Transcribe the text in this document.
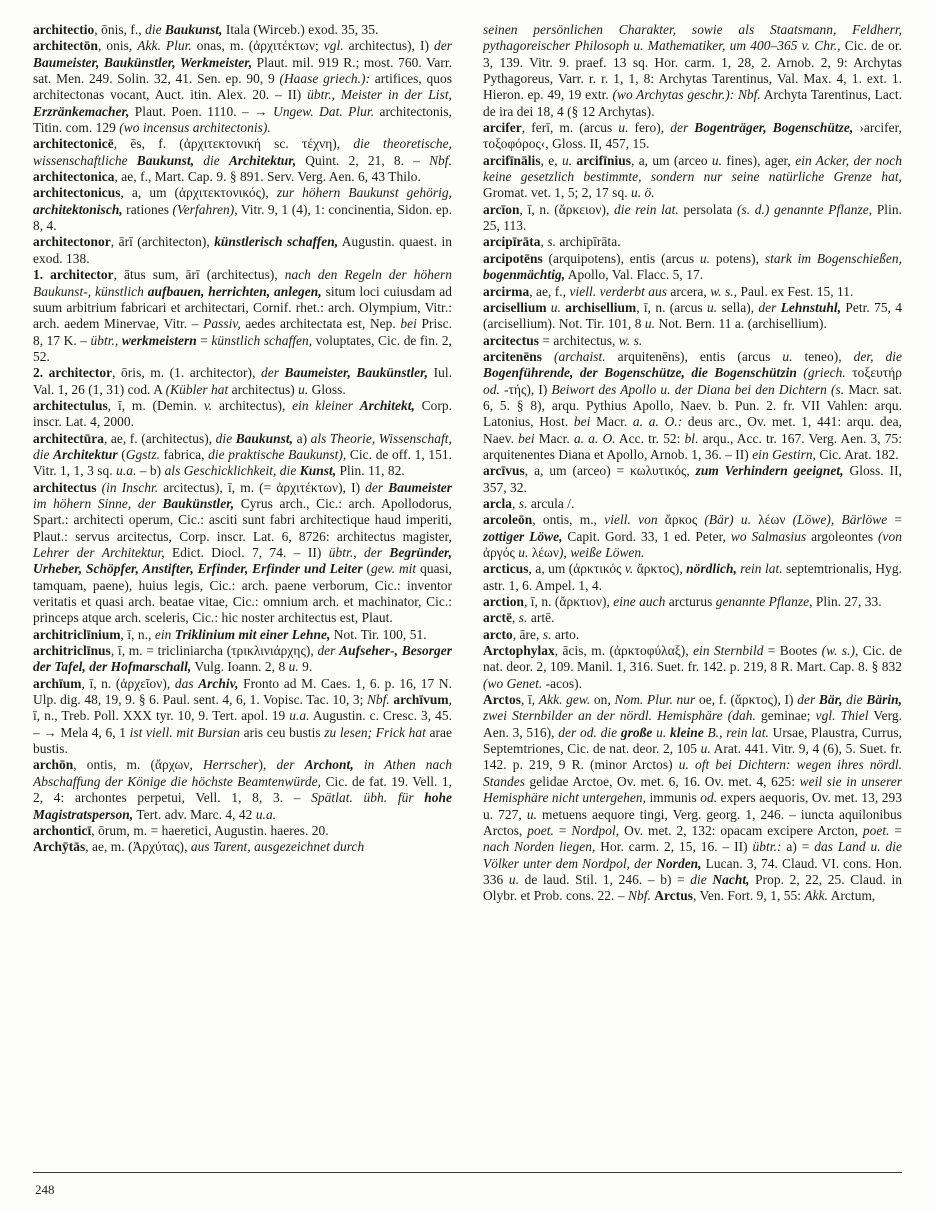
architectio, ōnis, f., die Baukunst, Itala (Wirceb.) exod. 35, 35.

architectōn, onis, Akk. Plur. onas, m. (ἀρχιτέκτων; vgl. architectus), I) der Baumeister, Baukünstler, Werkmeister, Plaut. mil. 919 R.; most. 760. Varr. sat. Men. 249. Solin. 32, 41. Sen. ep. 90, 9 (Haase griech.): artifices, quos architectonas vocant, Auct. itin. Alex. 20. – II) übtr., Meister in der List, Erzränkemacher, Plaut. Poen. 1110. – → Ungew. Dat. Plur. architectonis, Titin. com. 129 (wo incensus architectonis).

architectonicē, ēs, f. (ἀρχιτεκτονική sc. τέχνη), die theoretische, wissenschaftliche Baukunst, die Architektur, Quint. 2, 21, 8. – Nbf. architectonica, ae, f., Mart. Cap. 9. § 891. Serv. Verg. Aen. 6, 43 Thilo.

architectonicus, a, um (ἀρχιτεκτονικός), zur höhern Baukunst gehörig, architektonisch, rationes (Verfahren), Vitr. 9, 1 (4), 1: concinentia, Sidon. ep. 8, 4.

architectonor, ārī (architecton), künstlerisch schaffen, Augustin. quaest. in exod. 138.

1. architector, ātus sum, ārī (architectus), nach den Regeln der höhern Baukunst-, künstlich aufbauen, herrichten, anlegen, situm loci cuiusdam ad suum arbitrium fabricari et architectari, Cornif. rhet.: arch. Olympium, Vitr.: arch. aedem Minervae, Vitr. – Passiv, aedes architectata est, Nep. bei Prisc. 8, 17 K. – übtr., werkmeistern = künstlich schaffen, voluptates, Cic. de fin. 2, 52.

2. architector, ōris, m. (1. architector), der Baumeister, Baukünstler, Iul. Val. 1, 26 (1, 31) cod. A (Kübler hat architectus) u. Gloss.

architectulus, ī, m. (Demin. v. architectus), ein kleiner Architekt, Corp. inscr. Lat. 4, 2000.

architectūra, ae, f. (architectus), die Baukunst, a) als Theorie, Wissenschaft, die Architektur (Ggstz. fabrica, die praktische Baukunst), Cic. de off. 1, 151. Vitr. 1, 1, 3 sq. u.a. – b) als Geschicklichkeit, die Kunst, Plin. 11, 82.

architectus (in Inschr. arcitectus), ī, m. (= ἀρχιτέκτων), I) der Baumeister im höhern Sinne, der Baukünstler, Cyrus arch., Cic.: arch. Apollodorus, Spart.: architecti operum, Cic.: asciti sunt fabri architectique haud imperiti, Plaut.: servus arcitectus, Corp. inscr. Lat. 6, 8726: architectus magister, Lehrer der Architektur, Edict. Diocl. 7, 74. – II) übtr., der Begründer, Urheber, Schöpfer, Anstifter, Erfinder, Erfinder und Leiter (gew. mit quasi, tamquam, paene), huius legis, Cic.: arch. paene verborum, Cic.: inventor veritatis et quasi arch. beatae vitae, Cic.: omnium arch. et machinator, Cic.: princeps atque arch. sceleris, Cic.: hic noster architectus est, Plaut.

architriclīnium, ī, n., ein Triklinium mit einer Lehne, Not. Tir. 100, 51.

architriclīnus, ī, m. = tricliniarcha (τρικλινιάρχης), der Aufseher-, Besorger der Tafel, der Hofmarschall, Vulg. Ioann. 2, 8 u. 9.

archīum, ī, n. (ἀρχεῖον), das Archiv, Fronto ad M. Caes. 1, 6. p. 16, 17 N. Ulp. dig. 48, 19, 9. § 6. Paul. sent. 4, 6, 1. Vopisc. Tac. 10, 3; Nbf. archīvum, ī, n., Treb. Poll. XXX tyr. 10, 9. Tert. apol. 19 u.a. Augustin. c. Cresc. 3, 45. – → Mela 4, 6, 1 ist viell. mit Bursian aris ceu bustis zu lesen; Frick hat arae bustis.

archōn, ontis, m. (ἄρχων, Herrscher), der Archont, in Athen nach Abschaffung der Könige die höchste Beamtenwürde, Cic. de fat. 19. Vell. 1, 2, 4: archontes perpetui, Vell. 1, 8, 3. – Spätlat. übh. für hohe Magistratsperson, Tert. adv. Marc. 4, 42 u.a.

archonticī, ōrum, m. = haeretici, Augustin. haeres. 20.

Archȳtās, ae, m. (Ἀρχύτας), aus Tarent, ausgezeichnet durch

seinen persönlichen Charakter, sowie als Staatsmann, Feldherr, pythagoreischer Philosoph u. Mathematiker, um 400–365 v. Chr., Cic. de or. 3, 139. Vitr. 9. praef. 13 sq. Hor. carm. 1, 28, 2. Arnob. 2, 9: Archytas Pythagoreus, Varr. r. r. 1, 1, 8: Archytas Tarentinus, Val. Max. 4, 1. ext. 1. Hieron. ep. 49, 19 extr. (wo Archytas geschr.): Nbf. Archyta Tarentinus, Lact. de ira dei 18, 4 (§ 12 Archytas).

arcifer, ferī, m. (arcus u. fero), der Bogenträger, Bogenschütze, ›arcifer, τοξοφόρος‹, Gloss. II, 457, 15.

arcifīnālis, e, u. arcifīnius, a, um (arceo u. fines), ager, ein Acker, der noch keine gesetzlich bestimmte, sondern nur seine natürliche Grenze hat, Gromat. vet. 1, 5; 2, 17 sq. u. ö.

arcīon, ī, n. (ἄρκειον), die rein lat. persolata (s. d.) genannte Pflanze, Plin. 25, 113.

arcipīrāta, s. archipīrāta.

arcipotēns (arquipotens), entis (arcus u. potens), stark im Bogenschießen, bogenmächtig, Apollo, Val. Flacc. 5, 17.

arcirma, ae, f., viell. verderbt aus arcera, w. s., Paul. ex Fest. 15, 11.

arcisellium u. archisellium, ī, n. (arcus u. sella), der Lehnstuhl, Petr. 75, 4 (arcisellium). Not. Tir. 101, 8 u. Not. Bern. 11 a. (archisellium).

arcitectus = architectus, w. s.

arcitenēns (archaist. arquitenēns), entis (arcus u. teneo), der, die Bogenführende, der Bogenschütze, die Bogenschützin (griech. τοξευτήρ od. -τής), I) Beiwort des Apollo u. der Diana bei den Dichtern (s. Macr. sat. 6, 5. § 8), arqu. Pythius Apollo, Naev. b. Pun. 2. fr. VII Vahlen: arqu. Latonius, Host. bei Macr. a. a. O.: deus arc., Ov. met. 1, 441: arqu. dea, Naev. bei Macr. a. a. O. Acc. tr. 52: bl. arqu., Acc. tr. 167. Verg. Aen. 3, 75: arquitenentes Diana et Apollo, Arnob. 1, 36. – II) ein Gestirn, Cic. Arat. 182.

arcīvus, a, um (arceo) = κωλυτικός, zum Verhindern geeignet, Gloss. II, 357, 32.

arcla, s. arcula /.

arcoleōn, ontis, m., viell. von ἄρκος (Bär) u. λέων (Löwe), Bärlöwe = zottiger Löwe, Capit. Gord. 33, 1 ed. Peter, wo Salmasius argoleontes (von ἀργός u. λέων), weiße Löwen.

arcticus, a, um (ἀρκτικός v. ἄρκτος), nördlich, rein lat. septemtrionalis, Hyg. astr. 1, 6. Ampel. 1, 4.

arction, ī, n. (ἄρκτιον), eine auch arcturus genannte Pflanze, Plin. 27, 33.

arctē, s. artē.

arcto, āre, s. arto.

Arctophylax, ācis, m. (ἀρκτοφύλαξ), ein Sternbild = Bootes (w. s.), Cic. de nat. deor. 2, 109. Manil. 1, 316. Suet. fr. 142. p. 219, 8 R. Mart. Cap. 8. § 832 (wo Genet. -acos).

Arctos, ī, Akk. gew. on, Nom. Plur. nur oe, f. (ἄρκτος), I) der Bär, die Bärin, zwei Sternbilder an der nördl. Hemisphäre (dah. geminae; vgl. Thiel Verg. Aen. 3, 516), der od. die große u. kleine B., rein lat. Ursae, Plaustra, Currus, Septemtriones, Cic. de nat. deor. 2, 105 u. Arat. 441. Vitr. 9, 4 (6), 5. Suet. fr. 142. p. 219, 9 R. (minor Arctos) u. oft bei Dichtern: wegen ihres nördl. Standes gelidae Arctoe, Ov. met. 6, 16. Ov. met. 4, 625: weil sie in unserer Hemisphäre nicht untergehen, immunis od. expers aequoris, Ov. met. 13, 293 u. 727, u. metuens aequore tingi, Verg. georg. 1, 246. – iuncta aquilonibus Arctos, poet. = Nordpol, Ov. met. 2, 132: opacam excipere Arcton, poet. = nach Norden liegen, Hor. carm. 2, 15, 16. – II) übtr.: a) = das Land u. die Völker unter dem Nordpol, der Norden, Lucan. 3, 74. Claud. VI. cons. Hon. 336 u. de laud. Stil. 1, 246. – b) = die Nacht, Prop. 2, 22, 25. Claud. in Olybr. et Prob. cons. 22. – Nbf. Arctus, Ven. Fort. 9, 1, 55: Akk. Arctum,

248
